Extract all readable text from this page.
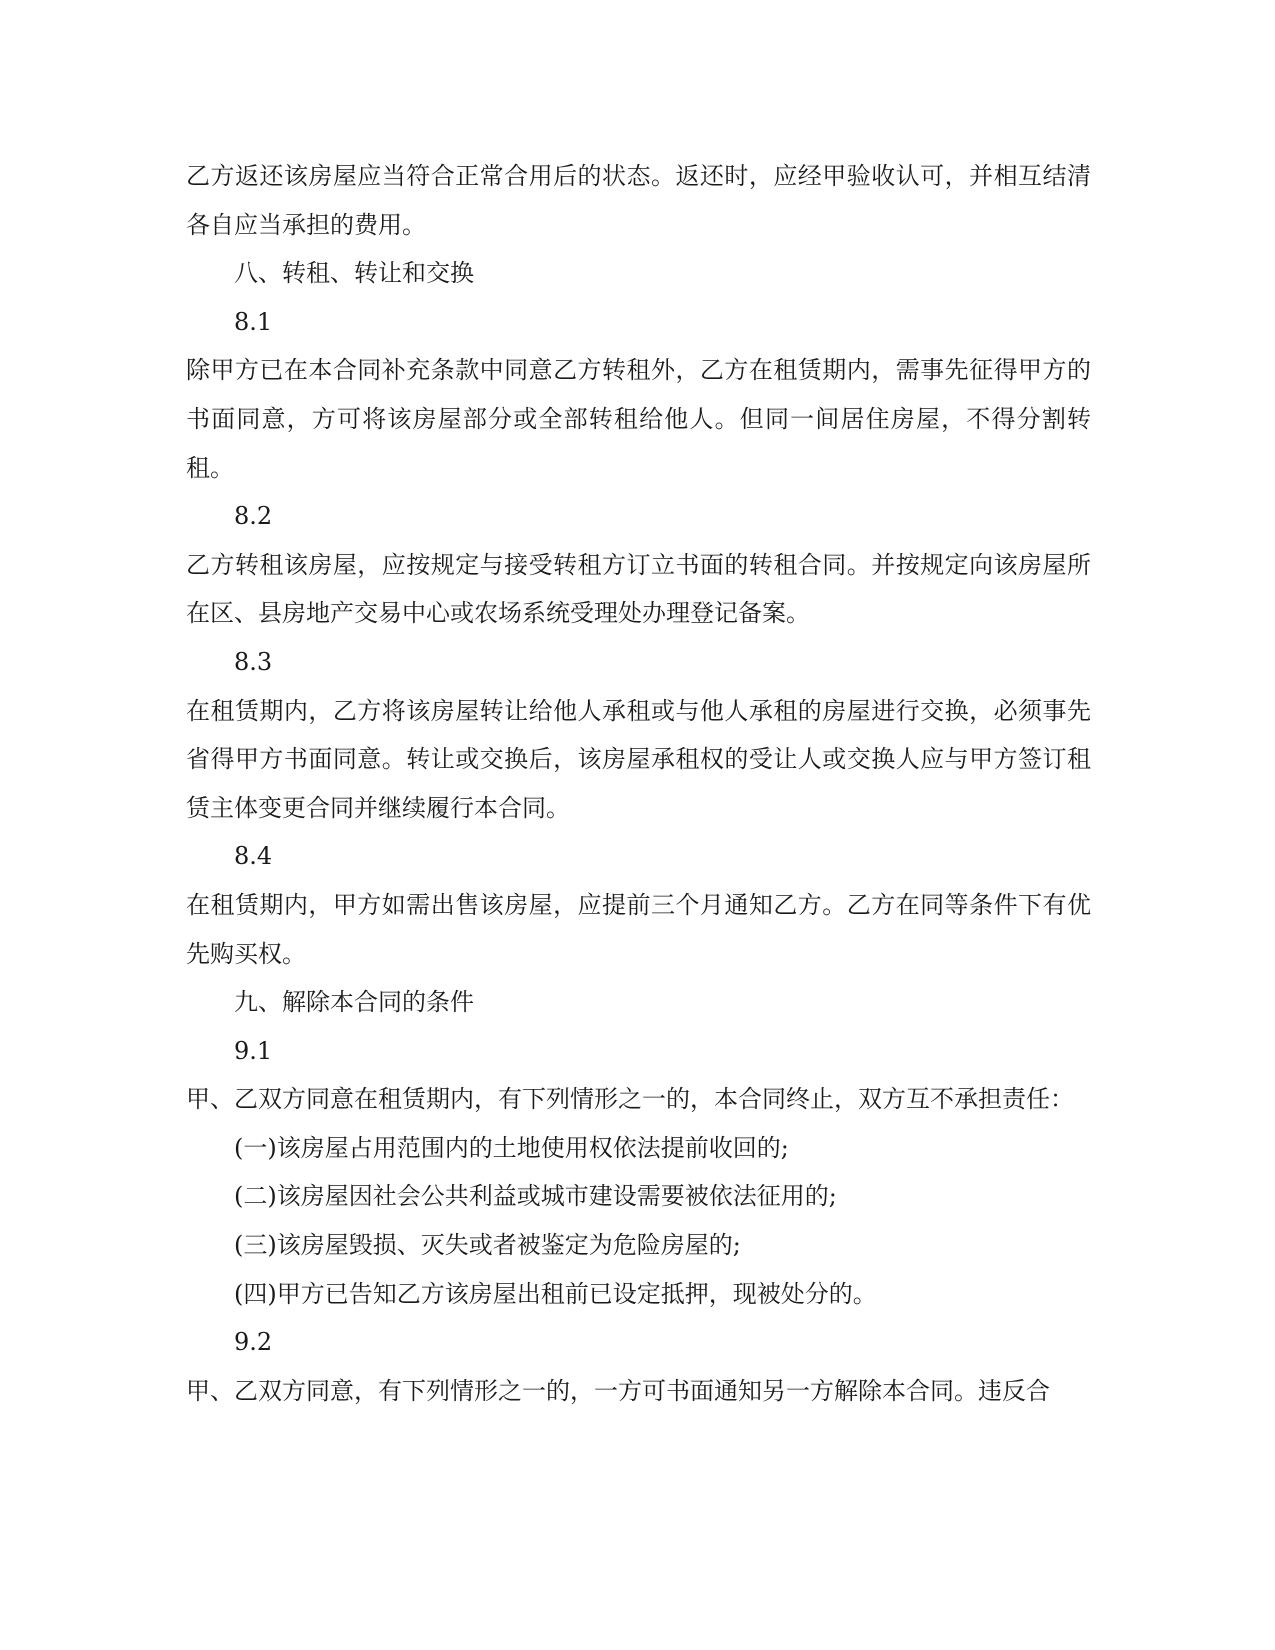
乙方返还该房屋应当符合正常合用后的状态。返还时，应经甲验收认可，并相互结清各自应当承担的费用。

八、转租、转让和交换

8.1

除甲方已在本合同补充条款中同意乙方转租外，乙方在租赁期内，需事先征得甲方的书面同意，方可将该房屋部分或全部转租给他人。但同一间居住房屋，不得分割转租。

8.2

乙方转租该房屋，应按规定与接受转租方订立书面的转租合同。并按规定向该房屋所在区、县房地产交易中心或农场系统受理处办理登记备案。

8.3

在租赁期内，乙方将该房屋转让给他人承租或与他人承租的房屋进行交换，必须事先省得甲方书面同意。转让或交换后，该房屋承租权的受让人或交换人应与甲方签订租赁主体变更合同并继续履行本合同。

8.4

在租赁期内，甲方如需出售该房屋，应提前三个月通知乙方。乙方在同等条件下有优先购买权。

九、解除本合同的条件

9.1

甲、乙双方同意在租赁期内，有下列情形之一的，本合同终止，双方互不承担责任：

(一)该房屋占用范围内的土地使用权依法提前收回的;

(二)该房屋因社会公共利益或城市建设需要被依法征用的;

(三)该房屋毁损、灭失或者被鉴定为危险房屋的;

(四)甲方已告知乙方该房屋出租前已设定抵押，现被处分的。

9.2

甲、乙双方同意，有下列情形之一的，一方可书面通知另一方解除本合同。违反合
